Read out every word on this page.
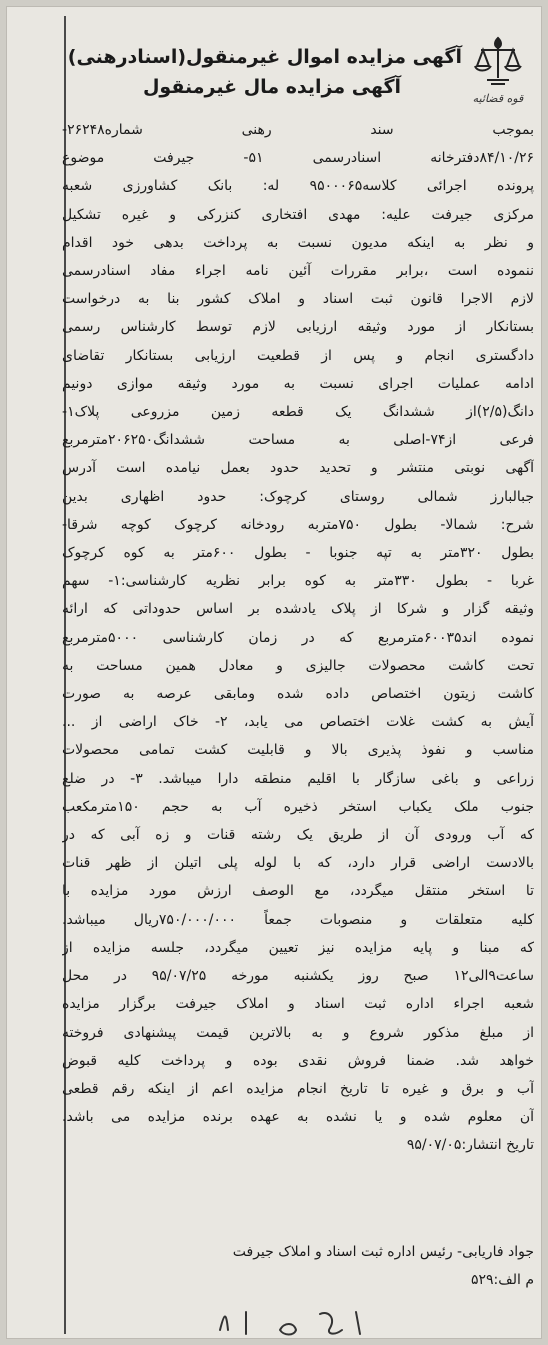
قوه قضائیه
آگهی مزایده اموال غیرمنقول(اسنادرهنی)
آگهی مزایده مال غیرمنقول
بموجب سند رهنی شماره۲۶۲۴۸-
۸۴/۱۰/۲۶دفترخانه اسنادرسمی ۵۱- جیرفت موضوع
پرونده اجرائی کلاسه۹۵۰۰۰۶۵ له: بانک کشاورزی شعبه
مرکزی جیرفت علیه: مهدی افتخاری کنزرکی و غیره تشکیل
و نظر به اینکه مدیون نسبت به پرداخت بدهی خود اقدام
ننموده است ،برابر مقررات آئین نامه اجراء مفاد اسنادرسمی
لازم الاجرا قانون ثبت اسناد و املاک کشور بنا به درخواست
بستانکار از مورد وثیقه ارزیابی لازم توسط کارشناس رسمی
دادگستری انجام و پس از قطعیت ارزیابی بستانکار تقاضای
ادامه عملیات اجرای نسبت به مورد وثیقه موازی دونیم
دانگ(۲/۵)از ششدانگ یک قطعه زمین مزروعی پلاک۱-
فرعی از۷۴-اصلی به مساحت ششدانگ۲۰۶۲۵۰مترمربع
آگهی نوبتی منتشر و تحدید حدود بعمل نیامده است آدرس
جبالبارز شمالی روستای کرچوک: حدود اظهاری بدین
شرح: شمالا- بطول ۷۵۰متربه رودخانه کرچوک کوچه شرقا-
بطول ۳۲۰متر به تپه جنوبا - بطول ۶۰۰متر به کوه کرچوک
غربا - بطول ۳۳۰متر به کوه برابر نظریه کارشناسی:۱- سهم
وثیقه گزار و شرکا از پلاک یادشده بر اساس حدوداتی که ارائه
نموده اند۶۰۰۳۵مترمربع که در زمان کارشناسی ۵۰۰۰مترمربع
تحت کاشت محصولات جالیزی و معادل همین مساحت به
کاشت زیتون اختصاص داده شده ومابقی عرصه به صورت
آیش به کشت غلات اختصاص می یابد، ۲- خاک اراضی از ...
مناسب و نفوذ پذیری بالا و قابلیت کشت تمامی محصولات
زراعی و باغی سازگار با اقلیم منطقه دارا میباشد. ۳- در ضلع
جنوب ملک یکباب استخر ذخیره آب به حجم ۱۵۰مترمکعب
که آب ورودی آن از طریق یک رشته قنات و زه آبی که در
بالادست اراضی قرار دارد، که با لوله پلی اتیلن از ظهر قنات
تا استخر منتقل میگردد، مع الوصف ارزش مورد مزایده با
کلیه متعلقات و منصوبات جمعاً ۷۵۰/۰۰۰/۰۰۰ریال میباشد.
که مبنا و پایه مزایده نیز تعیین میگردد، جلسه مزایده از
ساعت۹الی۱۲ صبح روز یکشنبه مورخه ۹۵/۰۷/۲۵ در محل
شعبه اجراء اداره ثبت اسناد و املاک جیرفت برگزار مزایده
از مبلغ مذکور شروع و به بالاترین قیمت پیشنهادی فروخته
خواهد شد. ضمنا فروش نقدی بوده و پرداخت کلیه قبوض
آب و برق و غیره تا تاریخ انجام مزایده اعم از اینکه رقم قطعی
آن معلوم شده و یا نشده به عهده برنده مزایده می باشد.
تاریخ انتشار:۹۵/۰۷/۰۵
جواد فاریابی- رئیس اداره ثبت اسناد و املاک جیرفت
م الف:۵۲۹
